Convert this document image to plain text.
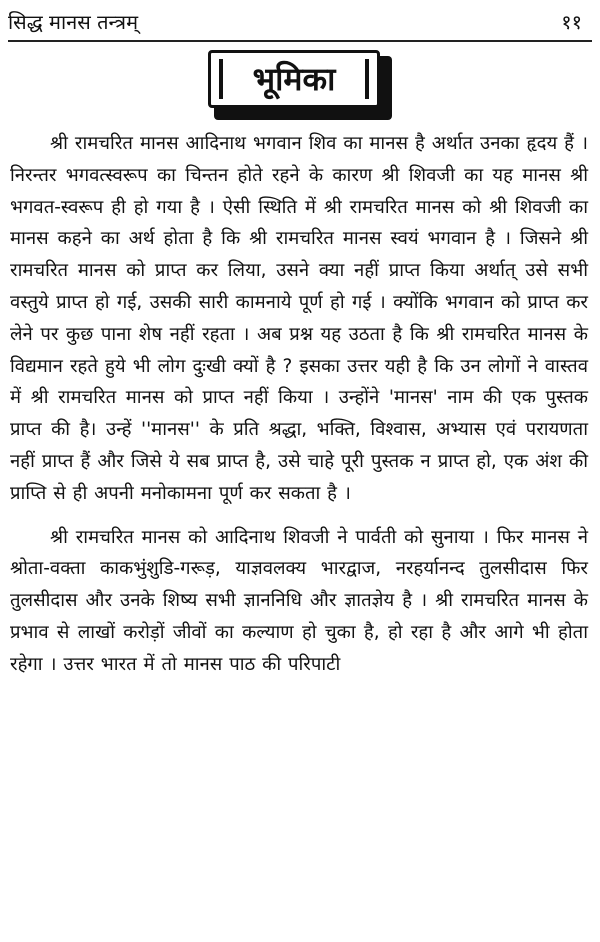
सिद्ध मानस तन्त्रम्	११
भूमिका

श्री रामचरित मानस आदिनाथ भगवान शिव का मानस है अर्थात उनका हृदय हैं । निरन्तर भगवत्स्वरूप का चिन्तन होते रहने के कारण श्री शिवजी का यह मानस श्री भगवत-स्वरूप ही हो गया है । ऐसी स्थिति में श्री रामचरित मानस को श्री शिवजी का मानस कहने का अर्थ होता है कि श्री रामचरित मानस स्वयं भगवान है । जिसने श्री रामचरित मानस को प्राप्त कर लिया, उसने क्या नहीं प्राप्त किया अर्थात् उसे सभी वस्तुये प्राप्त हो गई, उसकी सारी कामनाये पूर्ण हो गई । क्योंकि भगवान को प्राप्त कर लेने पर कुछ पाना शेष नहीं रहता । अब प्रश्न यह उठता है कि श्री रामचरित मानस के विद्यमान रहते हुये भी लोग दुःखी क्यों है ? इसका उत्तर यही है कि उन लोगों ने वास्तव में श्री रामचरित मानस को प्राप्त नहीं किया । उन्होंने 'मानस' नाम की एक पुस्तक प्राप्त की है। उन्हें ''मानस'' के प्रति श्रद्धा, भक्ति, विश्वास, अभ्यास एवं परायणता नहीं प्राप्त हैं और जिसे ये सब प्राप्त है, उसे चाहे पूरी पुस्तक न प्राप्त हो, एक अंश की प्राप्ति से ही अपनी मनोकामना पूर्ण कर सकता है ।

श्री रामचरित मानस को आदिनाथ शिवजी ने पार्वती को सुनाया । फिर मानस ने श्रोता-वक्ता काकभुंशुडि-गरूड़, याज्ञवलक्य भारद्वाज, नरहर्यानन्द तुलसीदास फिर तुलसीदास और उनके शिष्य सभी ज्ञाननिधि और ज्ञातज्ञेय है । श्री रामचरित मानस के प्रभाव से लाखों करोड़ों जीवों का कल्याण हो चुका है, हो रहा है और आगे भी होता रहेगा । उत्तर भारत में तो मानस पाठ की परिपाटी
